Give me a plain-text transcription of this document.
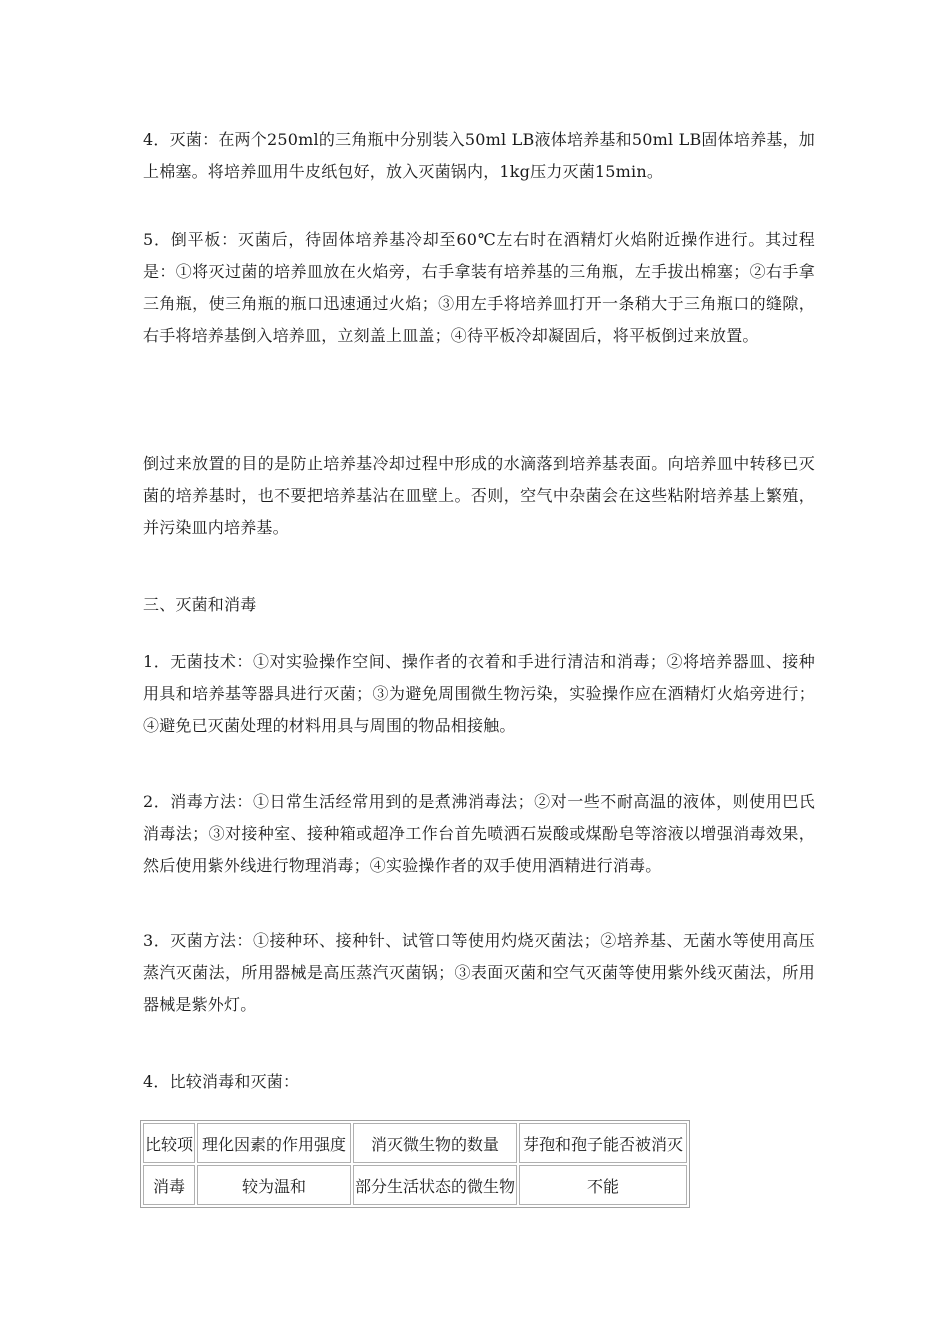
4．灭菌：在两个250ml的三角瓶中分别装入50ml LB液体培养基和50ml LB固体培养基，加上棉塞。将培养皿用牛皮纸包好，放入灭菌锅内，1kg压力灭菌15min。

5．倒平板：灭菌后，待固体培养基冷却至60℃左右时在酒精灯火焰附近操作进行。其过程是：①将灭过菌的培养皿放在火焰旁，右手拿装有培养基的三角瓶，左手拔出棉塞；②右手拿三角瓶，使三角瓶的瓶口迅速通过火焰；③用左手将培养皿打开一条稍大于三角瓶口的缝隙，右手将培养基倒入培养皿，立刻盖上皿盖；④待平板冷却凝固后，将平板倒过来放置。

倒过来放置的目的是防止培养基冷却过程中形成的水滴落到培养基表面。向培养皿中转移已灭菌的培养基时，也不要把培养基沾在皿壁上。否则，空气中杂菌会在这些粘附培养基上繁殖，并污染皿内培养基。

三、灭菌和消毒

1．无菌技术：①对实验操作空间、操作者的衣着和手进行清洁和消毒；②将培养器皿、接种用具和培养基等器具进行灭菌；③为避免周围微生物污染，实验操作应在酒精灯火焰旁进行；④避免已灭菌处理的材料用具与周围的物品相接触。

2．消毒方法：①日常生活经常用到的是煮沸消毒法；②对一些不耐高温的液体，则使用巴氏消毒法；③对接种室、接种箱或超净工作台首先喷洒石炭酸或煤酚皂等溶液以增强消毒效果，然后使用紫外线进行物理消毒；④实验操作者的双手使用酒精进行消毒。

3．灭菌方法：①接种环、接种针、试管口等使用灼烧灭菌法；②培养基、无菌水等使用高压蒸汽灭菌法，所用器械是高压蒸汽灭菌锅；③表面灭菌和空气灭菌等使用紫外线灭菌法，所用器械是紫外灯。

4．比较消毒和灭菌：

比较项	理化因素的作用强度	消灭微生物的数量	芽孢和孢子能否被消灭
消毒	较为温和	部分生活状态的微生物	不能
